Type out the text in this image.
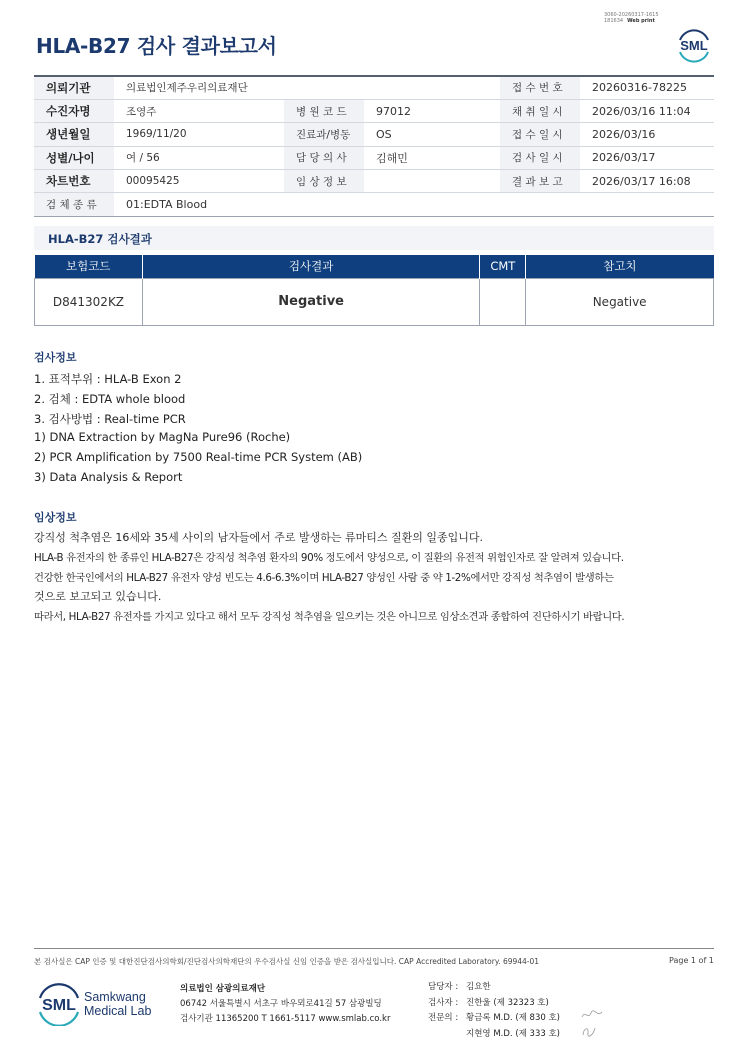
3060-20260317-1615
181634 Web print
HLA-B27 검사 결과보고서	SML
의뢰기관	의료법인제주우리의료재단			접 수 번 호	20260316-78225
수진자명	조영주	병 원 코 드	97012	채 취 일 시	2026/03/16 11:04
생년월일	1969/11/20	진료과/병동	OS	접 수 일 시	2026/03/16
성별/나이	여 / 56	담 당 의 사	김해민	검 사 일 시	2026/03/17
차트번호	00095425	임 상 정 보		결 과 보 고	2026/03/17 16:08
검 체 종 류	01:EDTA Blood				
HLA-B27 검사결과
보험코드	검사결과	CMT	참고치
D841302KZ	Negative		Negative
검사정보
1. 표적부위 : HLA-B Exon 2
2. 검체 : EDTA whole blood
3. 검사방법 : Real-time PCR
1) DNA Extraction by MagNa Pure96 (Roche)
2) PCR Amplification by 7500 Real-time PCR System (AB)
3) Data Analysis & Report
임상정보
강직성 척추염은 16세와 35세 사이의 남자들에서 주로 발생하는 류마티스 질환의 일종입니다.
HLA-B 유전자의 한 종류인 HLA-B27은 강직성 척추염 환자의 90% 정도에서 양성으로, 이 질환의 유전적 위험인자로 잘 알려져 있습니다.
건강한 한국인에서의 HLA-B27 유전자 양성 빈도는 4.6-6.3%이며 HLA-B27 양성인 사람 중 약 1-2%에서만 강직성 척추염이 발생하는
것으로 보고되고 있습니다.
따라서, HLA-B27 유전자를 가지고 있다고 해서 모두 강직성 척추염을 일으키는 것은 아니므로 임상소견과 종합하여 진단하시기 바랍니다.
본 검사실은 CAP 인증 및 대한진단검사의학회/진단검사의학재단의 우수검사실 신임 인증을 받은 검사실입니다. CAP Accredited Laboratory. 69944-01	Page 1 of 1
SML Samkwang
Medical Lab
의료법인 삼광의료재단
06742 서울특별시 서초구 바우뫼로41길 57 삼광빌딩
검사기관 11365200 T 1661-5117 www.smlab.co.kr
담당자 : 김요한
검사자 : 진한울 (제 32323 호)
전문의 : 황금록 M.D. (제 830 호)
지현영 M.D. (제 333 호)
